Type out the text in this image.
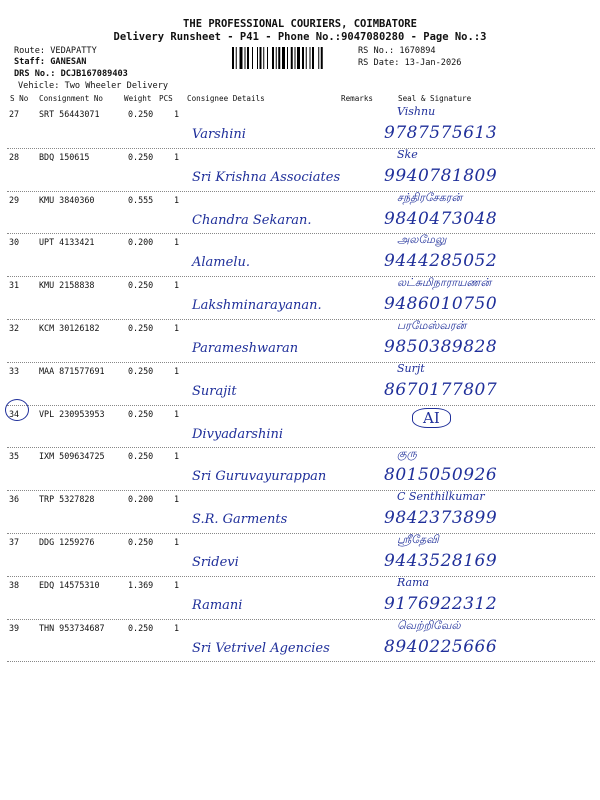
THE PROFESSIONAL COURIERS, COIMBATORE
Delivery Runsheet - P41 - Phone No.:9047080280 - Page No.:3
Route: VEDAPATTY
Staff: GANESAN
DRS No.: DCJB167089403
Vehicle: Two Wheeler Delivery
RS No.: 1670894
RS Date: 13-Jan-2026
S No Consignment No	Weight PCS Consignee Details	Remarks	Seal & Signature
27 SRT 56443071	0.250 1	Vishnu
Varshini	9787575613
28 BDQ 150615	0.250 1	Ske
Sri Krishna Associates	9940781809
29 KMU 3840360	0.555 1	சந்திரசேகரன்
Chandra Sekaran.	9840473048
30 UPT 4133421	0.200 1	அலமேலு
Alamelu.	9444285052
31 KMU 2158838	0.250 1	லட்சுமிநாராயணன்
Lakshminarayanan.	9486010750
32 KCM 30126182	0.250 1	பரமேஸ்வரன்
Parameshwaran	9850389828
33 MAA 871577691	0.250 1	Surjt
Surajit	8670177807
34 VPL 230953953	0.250 1	AI
Divyadarshini
35 IXM 509634725	0.250 1	குரு
Sri Guruvayurappan	8015050926
36 TRP 5327828	0.200 1	C Senthilkumar
S.R. Garments	9842373899
37 DDG 1259276	0.250 1	ஸ்ரீதேவி
Sridevi	9443528169
38 EDQ 14575310	1.369 1	Rama
Ramani	9176922312
39 THN 953734687	0.250 1	வெற்றிவேல்
Sri Vetrivel Agencies	8940225666
